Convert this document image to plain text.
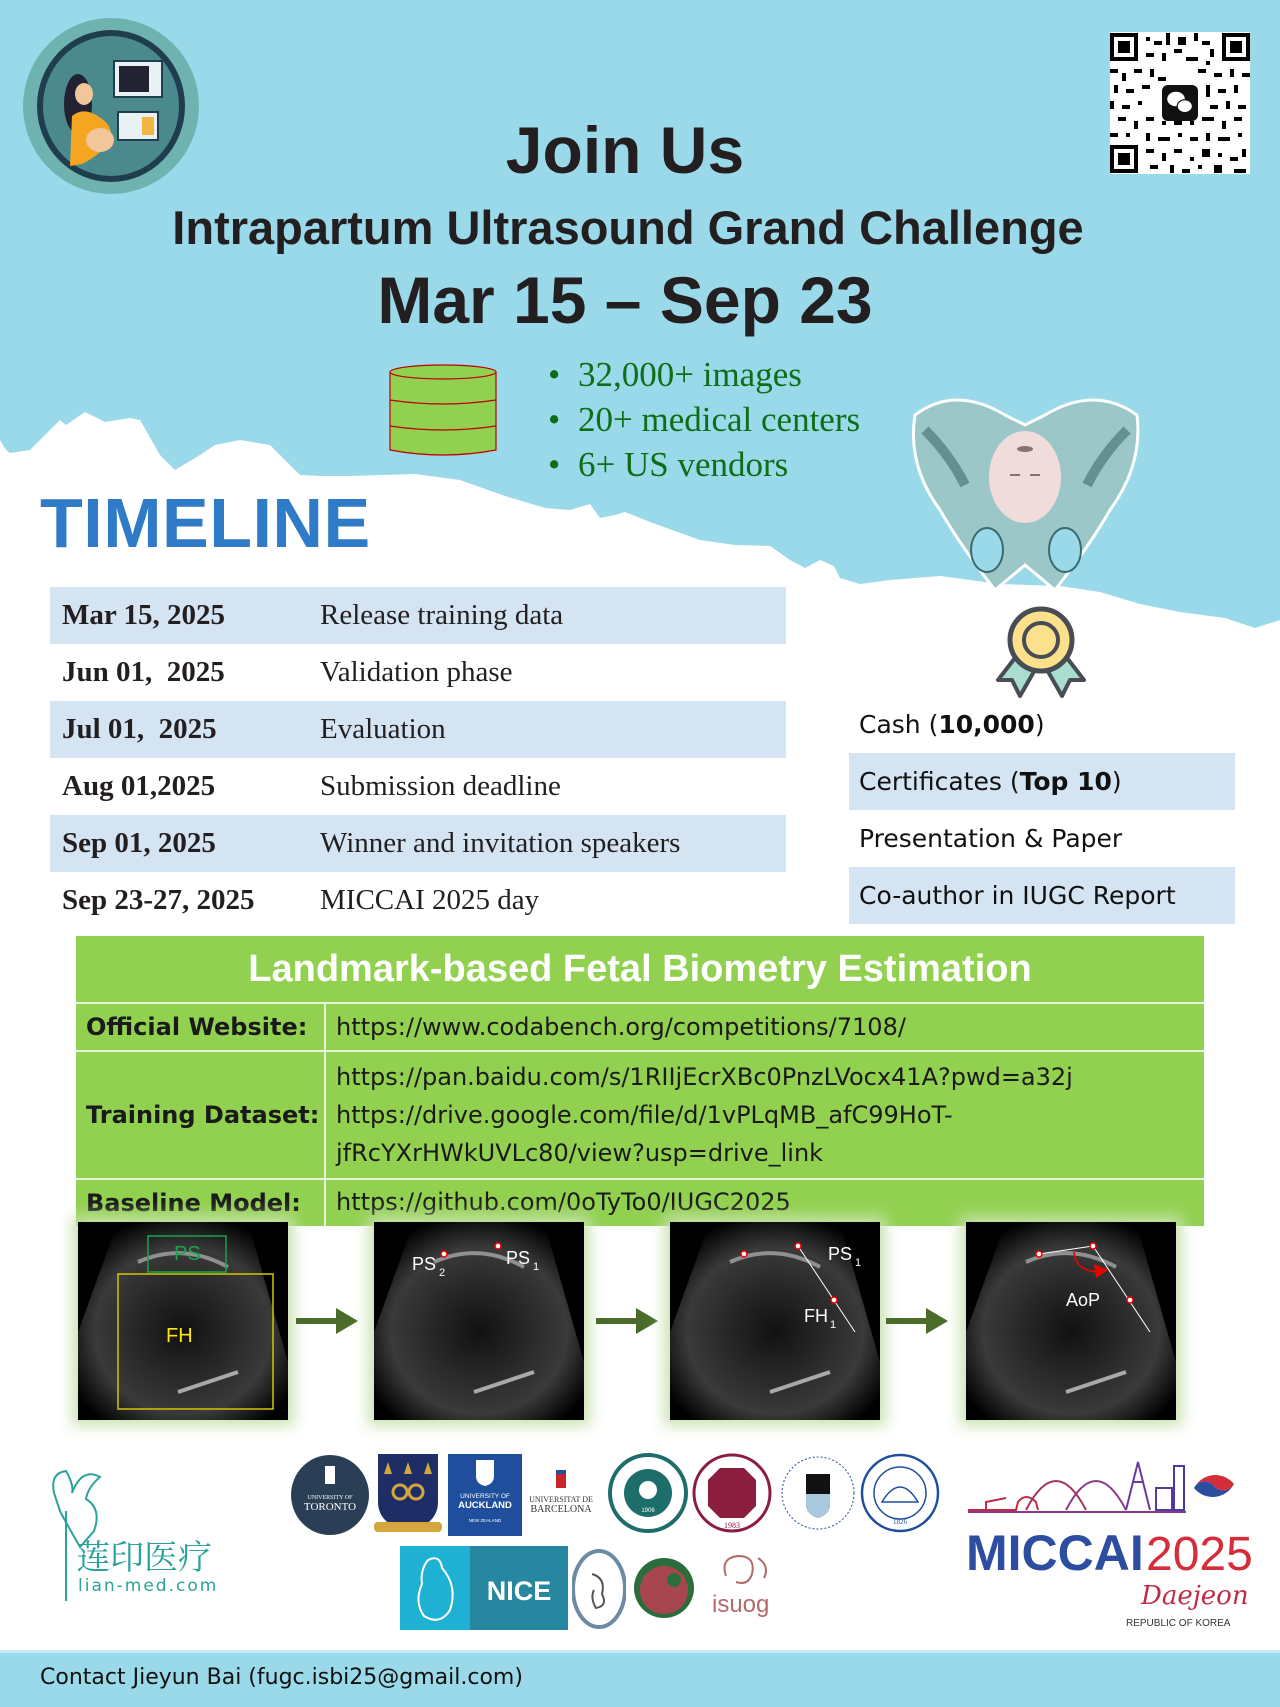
Join Us
Intrapartum Ultrasound Grand Challenge
Mar 15 – Sep 23
• 32,000+ images
• 20+ medical centers
• 6+ US vendors
TIMELINE
Mar 15, 2025	Release training data
Jun 01,  2025	Validation phase
Jul 01,  2025	Evaluation
Aug 01,2025	Submission deadline
Sep 01, 2025	Winner and invitation speakers
Sep 23-27, 2025	MICCAI 2025 day
Cash ( 10,000 )
Certificates ( Top 10 )
Presentation & Paper
Co-author in IUGC Report
Landmark-based Fetal Biometry Estimation
Official Website:	https://www.codabench.org/competitions/7108/
Training Dataset:
https://pan.baidu.com/s/1RIIjEcrXBc0PnzLVocx41A?pwd=a32j
https://drive.google.com/file/d/1vPLqMB_afC99HoT-
jfRcYXrHWkUVLc80/view?usp=drive_link
Baseline Model:	https://github.com/0oTyTo0/IUGC2025
PS
FH
PS 2
PS 1
PS 1
FH 1
AoP
莲印医疗
lian-med.com
UNIVERSITY OF
TORONTO
UNIVERSITY OF
AUCKLAND
NEW ZEALAND
UNIVERSITAT DE
BARCELONA	1906
1983	1826
NICE	isuog
MICCAI 2025
Daejeon
REPUBLIC OF KOREA
Contact Jieyun Bai (fugc.isbi25@gmail.com)
